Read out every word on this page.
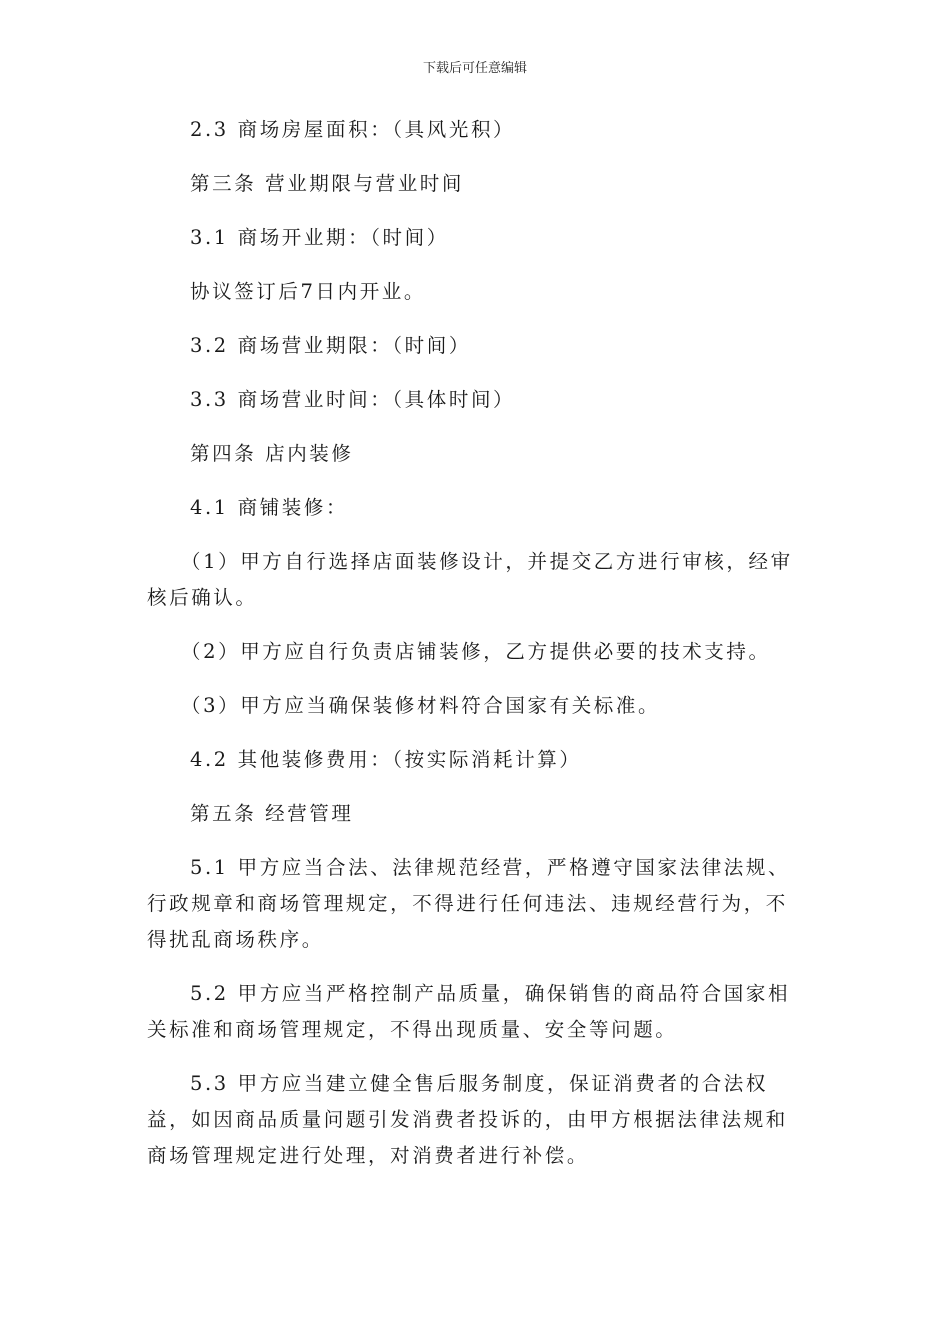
下载后可任意编辑

2.3 商场房屋面积：（具风光积）

第三条 营业期限与营业时间

3.1 商场开业期：（时间）

协议签订后7日内开业。

3.2 商场营业期限：（时间）

3.3 商场营业时间：（具体时间）

第四条 店内装修

4.1 商铺装修：

（1）甲方自行选择店面装修设计，并提交乙方进行审核，经审核后确认。

（2）甲方应自行负责店铺装修，乙方提供必要的技术支持。

（3）甲方应当确保装修材料符合国家有关标准。

4.2 其他装修费用：（按实际消耗计算）

第五条 经营管理

5.1 甲方应当合法、法律规范经营，严格遵守国家法律法规、行政规章和商场管理规定，不得进行任何违法、违规经营行为，不得扰乱商场秩序。

5.2 甲方应当严格控制产品质量，确保销售的商品符合国家相关标准和商场管理规定，不得出现质量、安全等问题。

5.3 甲方应当建立健全售后服务制度，保证消费者的合法权益，如因商品质量问题引发消费者投诉的，由甲方根据法律法规和商场管理规定进行处理，对消费者进行补偿。
